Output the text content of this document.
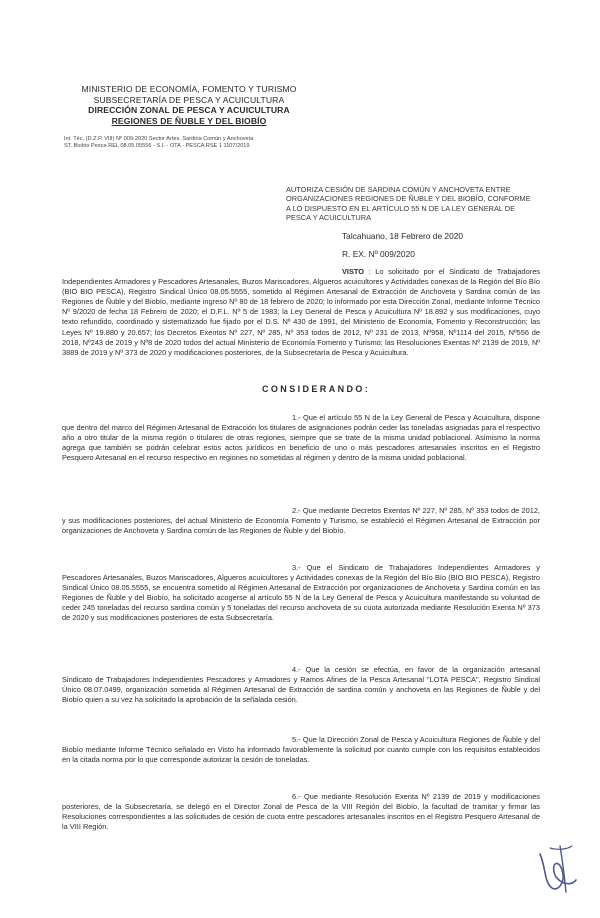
MINISTERIO DE ECONOMÍA, FOMENTO Y TURISMO
SUBSECRETARÍA DE PESCA Y ACUICULTURA
DIRECCIÓN ZONAL DE PESCA Y ACUICULTURA
REGIONES DE ÑUBLE Y DEL BIOBÍO
Int. Téc. (D.Z.P. VIII) Nº 009-2020 Sector Artes. Sardina Común y Anchoveta
ST. Biobío Pesca REL 08.05.05556 - S.I. - OTA - PESCA RSE 1 1107/2019
AUTORIZA CESIÓN DE SARDINA COMÚN Y ANCHOVETA ENTRE ORGANIZACIONES REGIONES DE ÑUBLE Y DEL BIOBÍO, CONFORME A LO DISPUESTO EN EL ARTÍCULO 55 N DE LA LEY GENERAL DE PESCA Y ACUICULTURA
Talcahuano, 18 Febrero de 2020
R. EX. Nº 009/2020
VISTO : Lo solicitado por el Sindicato de Trabajadores Independientes Armadores y Pescadores Artesanales, Buzos Mariscadores, Algueros acuicultores y Actividades conexas de la Región del Bío Bío (BIO BIO PESCA), Registro Sindical Único 08.05.5555, sometido al Régimen Artesanal de Extracción de Anchoveta y Sardina común de las Regiones de Ñuble y del Biobío, mediante ingreso Nº 80 de 18 febrero de 2020; lo informado por esta Dirección Zonal, mediante Informe Técnico Nº 9/2020 de fecha 18 Febrero de 2020; el D.F.L. Nº 5 de 1983; la Ley General de Pesca y Acuicultura Nº 18.892 y sus modificaciones, cuyo texto refundido, coordinado y sistematizado fue fijado por el D.S. Nº 430 de 1991, del Ministerio de Economía, Fomento y Reconstrucción; las Leyes Nº 19.880 y 20.657; los Decretos Exentos Nº 227, Nº 285, Nº 353 todos de 2012, Nº 231 de 2013, Nº958, Nº1114 del 2015, Nº556 de 2018, Nº243 de 2019 y Nº8 de 2020 todos del actual Ministerio de Economía Fomento y Turismo; las Resoluciones Exentas Nº 2139 de 2019, Nº 3889 de 2019 y Nº 373 de 2020 y modificaciones posteriores, de la Subsecretaría de Pesca y Acuicultura.
CONSIDERANDO:
1.- Que el artículo 55 N de la Ley General de Pesca y Acuicultura, dispone que dentro del marco del Régimen Artesanal de Extracción los titulares de asignaciones podrán ceder las toneladas asignadas para el respectivo año a otro titular de la misma región o titulares de otras regiones, siempre que se trate de la misma unidad poblacional. Asimismo la norma agrega que también se podrán celebrar estos actos jurídicos en beneficio de uno o más pescadores artesanales inscritos en el Registro Pesquero Artesanal en el recurso respectivo en regiones no sometidas al régimen y dentro de la misma unidad poblacional.
2.- Que mediante Decretos Exentos Nº 227, Nº 285, Nº 353 todos de 2012, y sus modificaciones posteriores, del actual Ministerio de Economía Fomento y Turismo, se estableció el Régimen Artesanal de Extracción por organizaciones de Anchoveta y Sardina común de las Regiones de Ñuble y del Biobío.
3.- Que el Sindicato de Trabajadores Independientes Armadores y Pescadores Artesanales, Buzos Mariscadores, Algueros acuicultores y Actividades conexas de la Región del Bío Bío (BIO BIO PESCA), Registro Sindical Único 08.05.5555, se encuentra sometido al Régimen Artesanal de Extracción por organizaciones de Anchoveta y Sardina común en las Regiones de Ñuble y del Biobío, ha solicitado acogerse al artículo 55 N de la Ley General de Pesca y Acuicultura manifestando su voluntad de ceder 245 toneladas del recurso sardina común y 5 toneladas del recurso anchoveta de su cuota autorizada mediante Resolución Exenta Nº 373 de 2020 y sus modificaciones posteriores de esta Subsecretaría.
4.- Que la cesión se efectúa, en favor de la organización artesanal Sindicato de Trabajadores Independientes Pescadores y Armadores y Ramos Afines de la Pesca Artesanal "LOTA PESCA", Registro Sindical Único 08.07.0499, organización sometida al Régimen Artesanal de Extracción de sardina común y anchoveta en las Regiones de Ñuble y del Biobío quien a su vez ha solicitado la aprobación de la señalada cesión.
5.- Que la Dirección Zonal de Pesca y Acuicultura Regiones de Ñuble y del Biobío mediante Informe Técnico señalado en Visto ha informado favorablemente la solicitud por cuanto cumple con los requisitos establecidos en la citada norma por lo que corresponde autorizar la cesión de toneladas.
6.- Que mediante Resolución Exenta Nº 2139 de 2019 y modificaciones posteriores, de la Subsecretaría, se delegó en el Director Zonal de Pesca de la VIII Región del Biobío, la facultad de tramitar y firmar las Resoluciones correspondientes a las solicitudes de cesión de cuota entre pescadores artesanales inscritos en el Registro Pesquero Artesanal de la VIII Región.
